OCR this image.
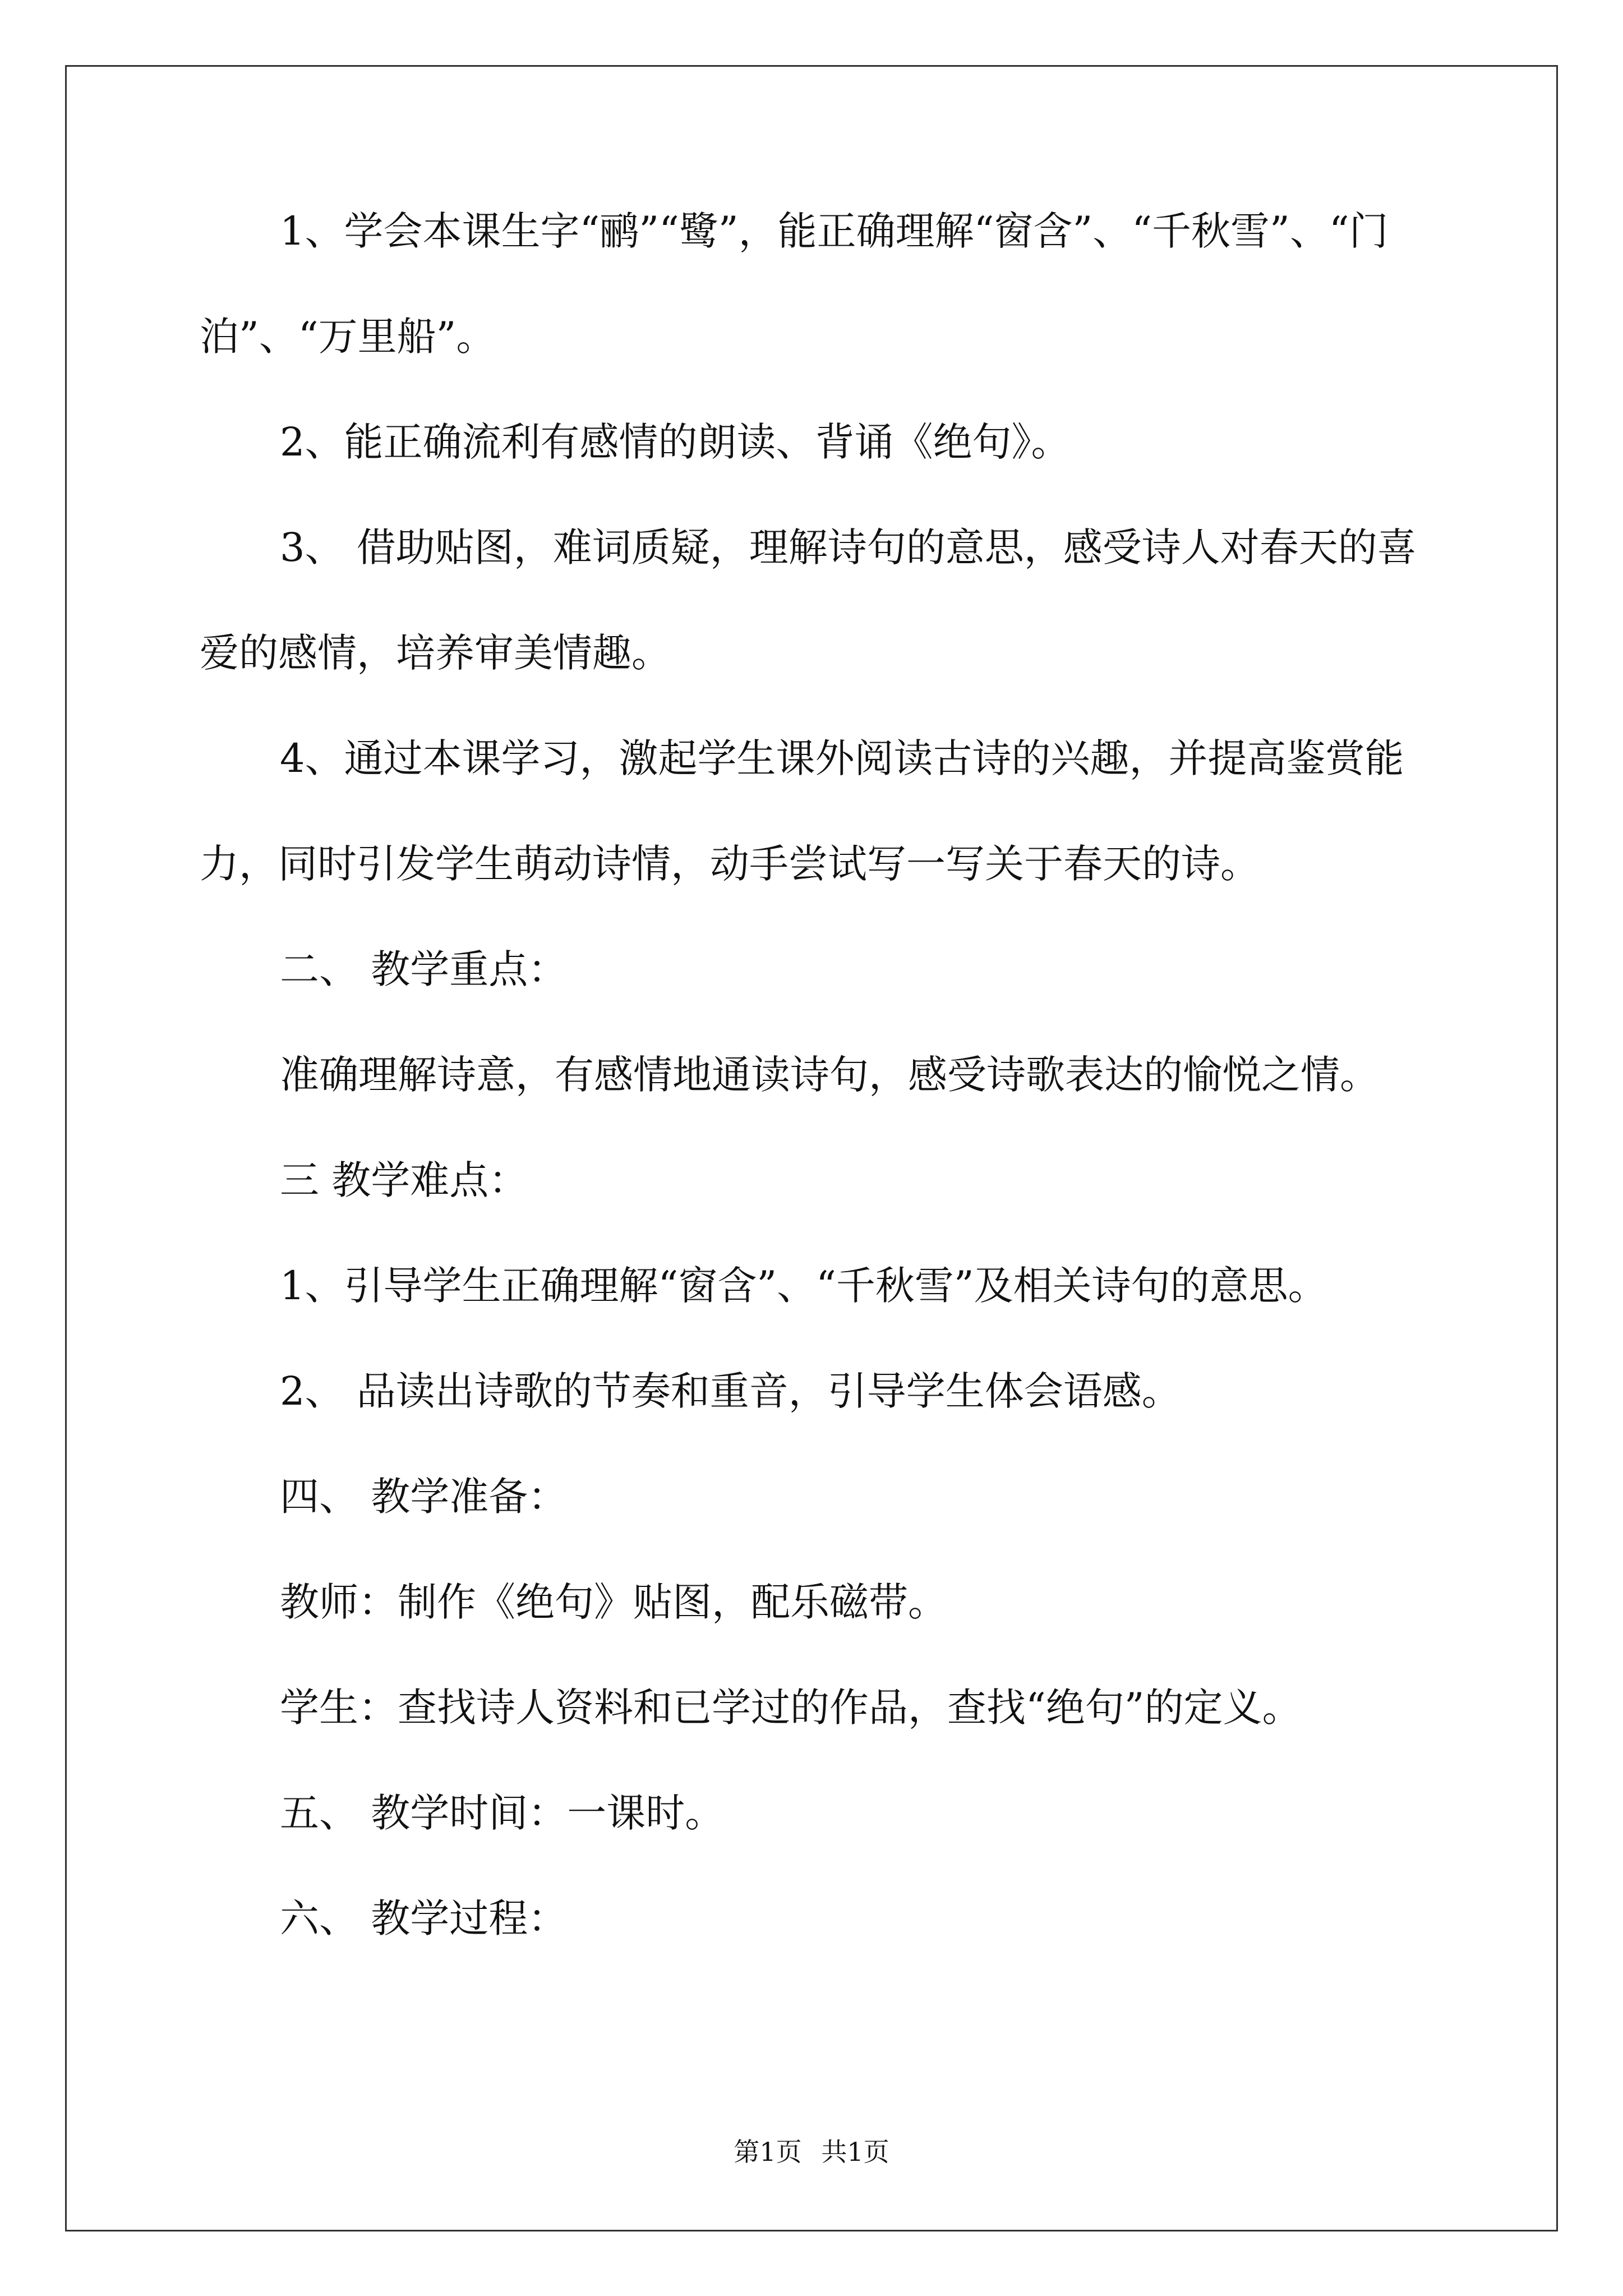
1、学会本课生字“鹂”“鹭”，能正确理解“窗含”、“千秋雪”、“门泊”、“万里船”。

2、能正确流利有感情的朗读、背诵《绝句》。

3、 借助贴图，难词质疑，理解诗句的意思，感受诗人对春天的喜爱的感情，培养审美情趣。

4、通过本课学习，激起学生课外阅读古诗的兴趣，并提高鉴赏能力，同时引发学生萌动诗情，动手尝试写一写关于春天的诗。

二、 教学重点：

准确理解诗意，有感情地通读诗句，感受诗歌表达的愉悦之情。

三 教学难点：

1、引导学生正确理解“窗含”、“千秋雪”及相关诗句的意思。

2、 品读出诗歌的节奏和重音，引导学生体会语感。

四、 教学准备：

教师：制作《绝句》贴图，配乐磁带。

学生：查找诗人资料和已学过的作品，查找“绝句”的定义。

五、 教学时间：一课时。

六、 教学过程：

第1页 共1页
